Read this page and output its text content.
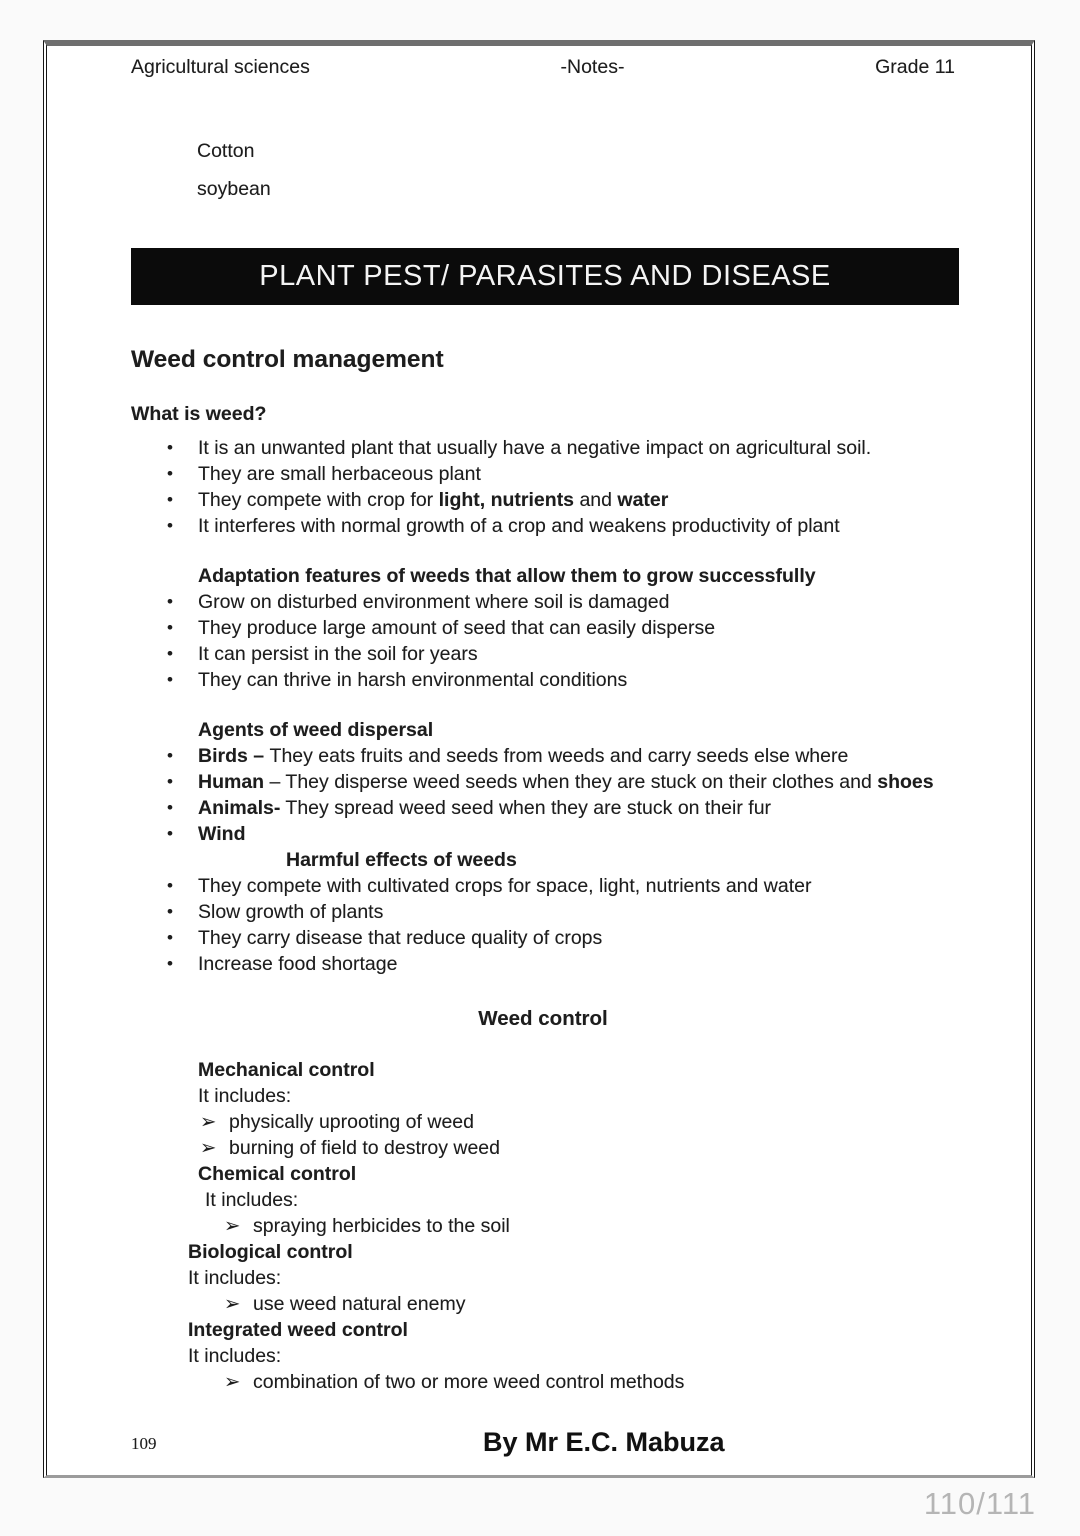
Agricultural sciences	-Notes-	Grade 11
Cotton
soybean
PLANT PEST/ PARASITES AND DISEASE
Weed control management
What is weed?
• It is an unwanted plant that usually have a negative impact on agricultural soil.
• They are small herbaceous plant
• They compete with crop for light, nutrients and water
• It interferes with normal growth of a crop and weakens productivity of plant
Adaptation features of weeds that allow them to grow successfully
• Grow on disturbed environment where soil is damaged
• They produce large amount of seed that can easily disperse
• It can persist in the soil for years
• They can thrive in harsh environmental conditions
Agents of weed dispersal
• Birds – They eats fruits and seeds from weeds and carry seeds else where
• Human – They disperse weed seeds when they are stuck on their clothes and shoes
• Animals- They spread weed seed when they are stuck on their fur
• Wind
Harmful effects of weeds
• They compete with cultivated crops for space, light, nutrients and water
• Slow growth of plants
• They carry disease that reduce quality of crops
• Increase food shortage
Weed control
Mechanical control
It includes:
➢ physically uprooting of weed
➢ burning of field to destroy weed
Chemical control
It includes:
➢ spraying herbicides to the soil
Biological control
It includes:
➢ use weed natural enemy
Integrated weed control
It includes:
➢ combination of two or more weed control methods
109	By Mr E.C. Mabuza
110/111
